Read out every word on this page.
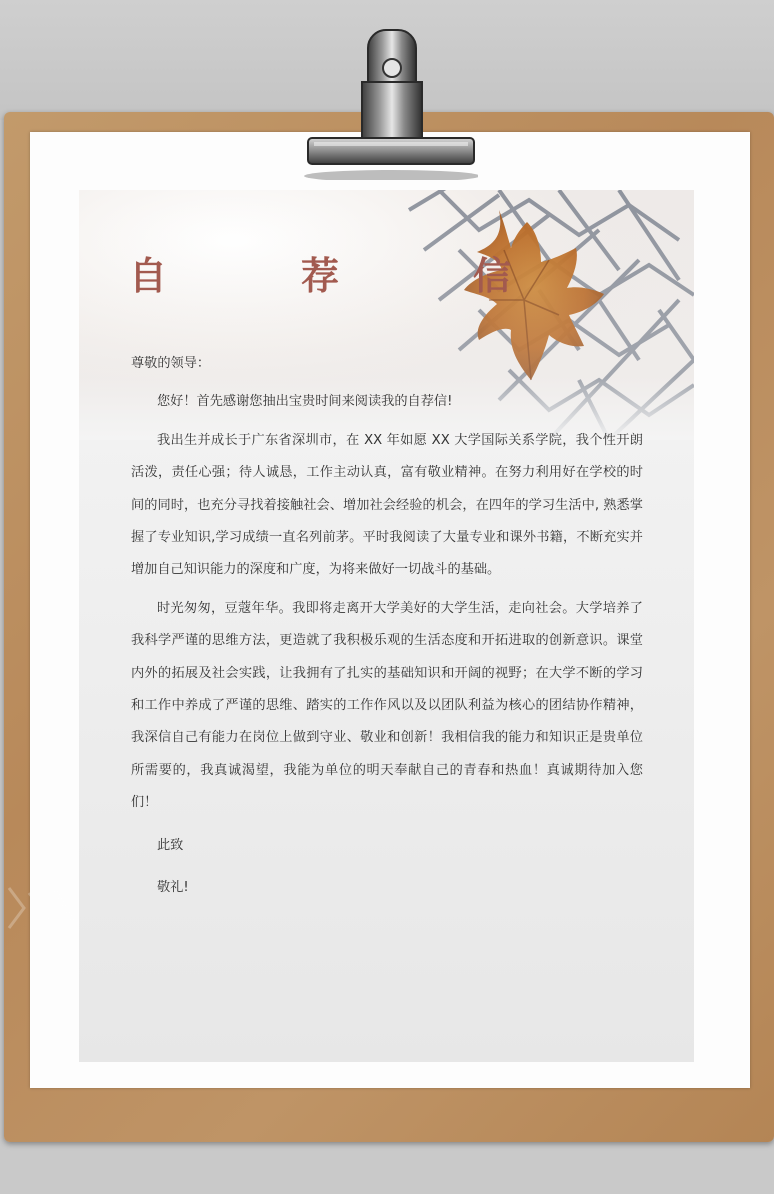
自　荐　信

尊敬的领导：

您好！首先感谢您抽出宝贵时间来阅读我的自荐信!

我出生并成长于广东省深圳市，在 XX 年如愿 XX 大学国际关系学院，我个性开朗活泼，责任心强；待人诚恳，工作主动认真，富有敬业精神。在努力利用好在学校的时间的同时，也充分寻找着接触社会、增加社会经验的机会，在四年的学习生活中, 熟悉掌握了专业知识,学习成绩一直名列前茅。平时我阅读了大量专业和课外书籍，不断充实并增加自己知识能力的深度和广度，为将来做好一切战斗的基础。

时光匆匆，豆蔻年华。我即将走离开大学美好的大学生活，走向社会。大学培养了我科学严谨的思维方法，更造就了我积极乐观的生活态度和开拓进取的创新意识。课堂内外的拓展及社会实践，让我拥有了扎实的基础知识和开阔的视野；在大学不断的学习和工作中养成了严谨的思维、踏实的工作作风以及以团队利益为核心的团结协作精神，我深信自己有能力在岗位上做到守业、敬业和创新！我相信我的能力和知识正是贵单位所需要的，我真诚渴望，我能为单位的明天奉献自己的青春和热血！真诚期待加入您们！

此致

敬礼!
